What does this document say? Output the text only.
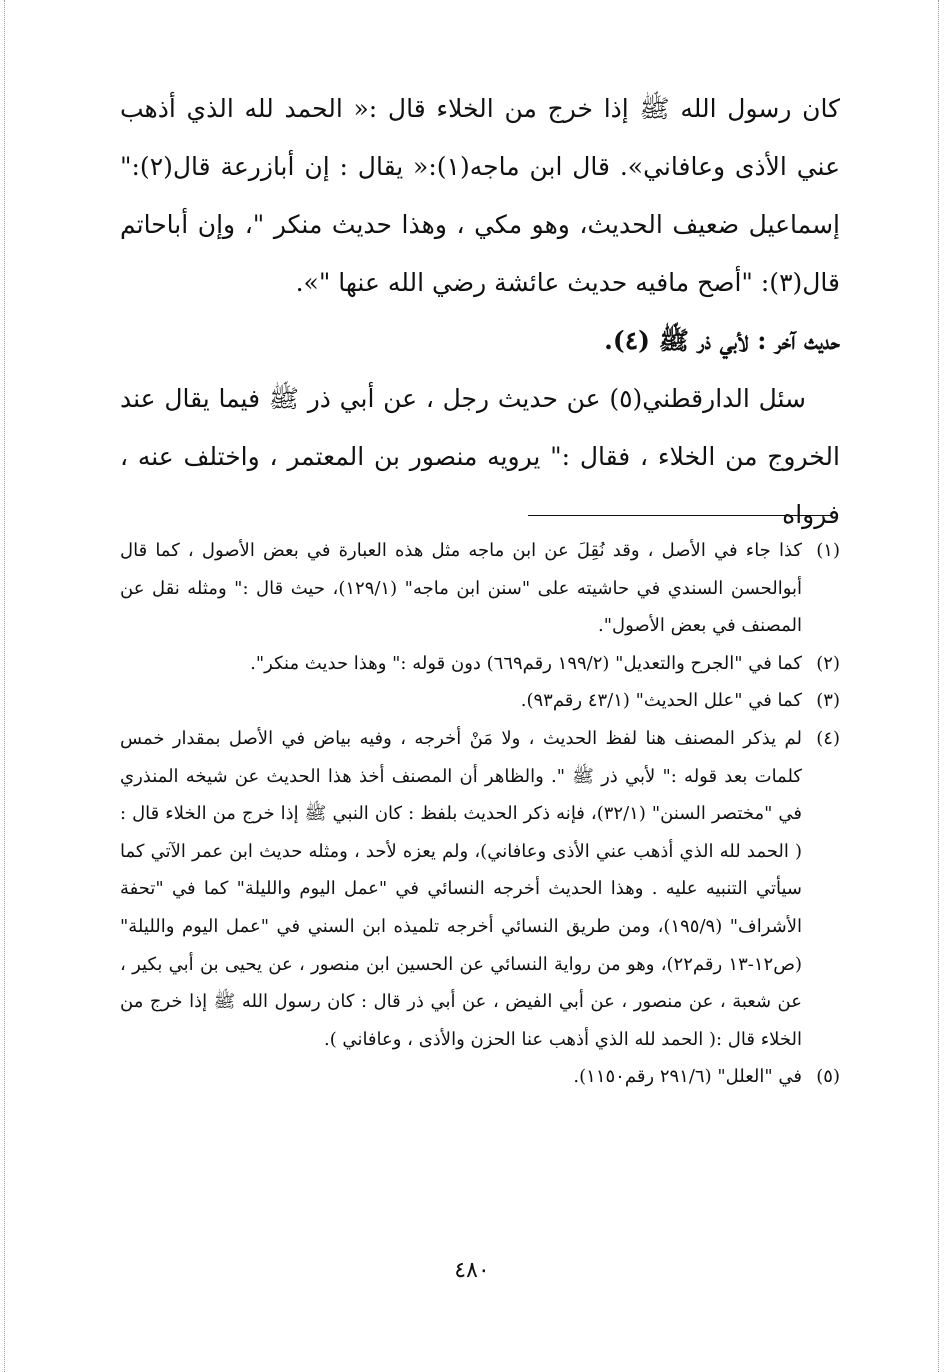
كان رسول الله ﷺ إذا خرج من الخلاء قال :« الحمد لله الذي أذهب عني الأذى وعافاني». قال ابن ماجه(١):« يقال : إن أبازرعة قال(٢):" إسماعيل ضعيف الحديث، وهو مكي ، وهذا حديث منكر "، وإن أباحاتم قال(٣): "أصح مافيه حديث عائشة رضي الله عنها "».

حديث آخر : لأبي ذر ﷺ (٤).

سئل الدارقطني(٥) عن حديث رجل ، عن أبي ذر ﷺ فيما يقال عند الخروج من الخلاء ، فقال :" يرويه منصور بن المعتمر ، واختلف عنه ، فرواه

(١)
كذا جاء في الأصل ، وقد نُقِلَ عن ابن ماجه مثل هذه العبارة في بعض الأصول ، كما قال أبوالحسن السندي في حاشيته على "سنن ابن ماجه" (١٢٩/١)، حيث قال :" ومثله نقل عن المصنف في بعض الأصول".
(٢)
كما في "الجرح والتعديل" (١٩٩/٢ رقم٦٦٩) دون قوله :" وهذا حديث منكر".
(٣)
كما في "علل الحديث" (٤٣/١ رقم٩٣).
(٤)
لم يذكر المصنف هنا لفظ الحديث ، ولا مَنْ أخرجه ، وفيه بياض في الأصل بمقدار خمس كلمات بعد قوله :" لأبي ذر ﷺ ". والظاهر أن المصنف أخذ هذا الحديث عن شيخه المنذري في "مختصر السنن" (٣٢/١)، فإنه ذكر الحديث بلفظ : كان النبي ﷺ إذا خرج من الخلاء قال :( الحمد لله الذي أذهب عني الأذى وعافاني)، ولم يعزه لأحد ، ومثله حديث ابن عمر الآتي كما سيأتي التنبيه عليه . وهذا الحديث أخرجه النسائي في "عمل اليوم والليلة" كما في "تحفة الأشراف" (١٩٥/٩)، ومن طريق النسائي أخرجه تلميذه ابن السني في "عمل اليوم والليلة" (ص١٢-١٣ رقم٢٢)، وهو من رواية النسائي عن الحسين ابن منصور ، عن يحيى بن أبي بكير ، عن شعبة ، عن منصور ، عن أبي الفيض ، عن أبي ذر قال : كان رسول الله ﷺ إذا خرج من الخلاء قال :( الحمد لله الذي أذهب عنا الحزن والأذى ، وعافاني ).
(٥)
في "العلل" (٢٩١/٦ رقم١١٥٠).
٤٨٠
